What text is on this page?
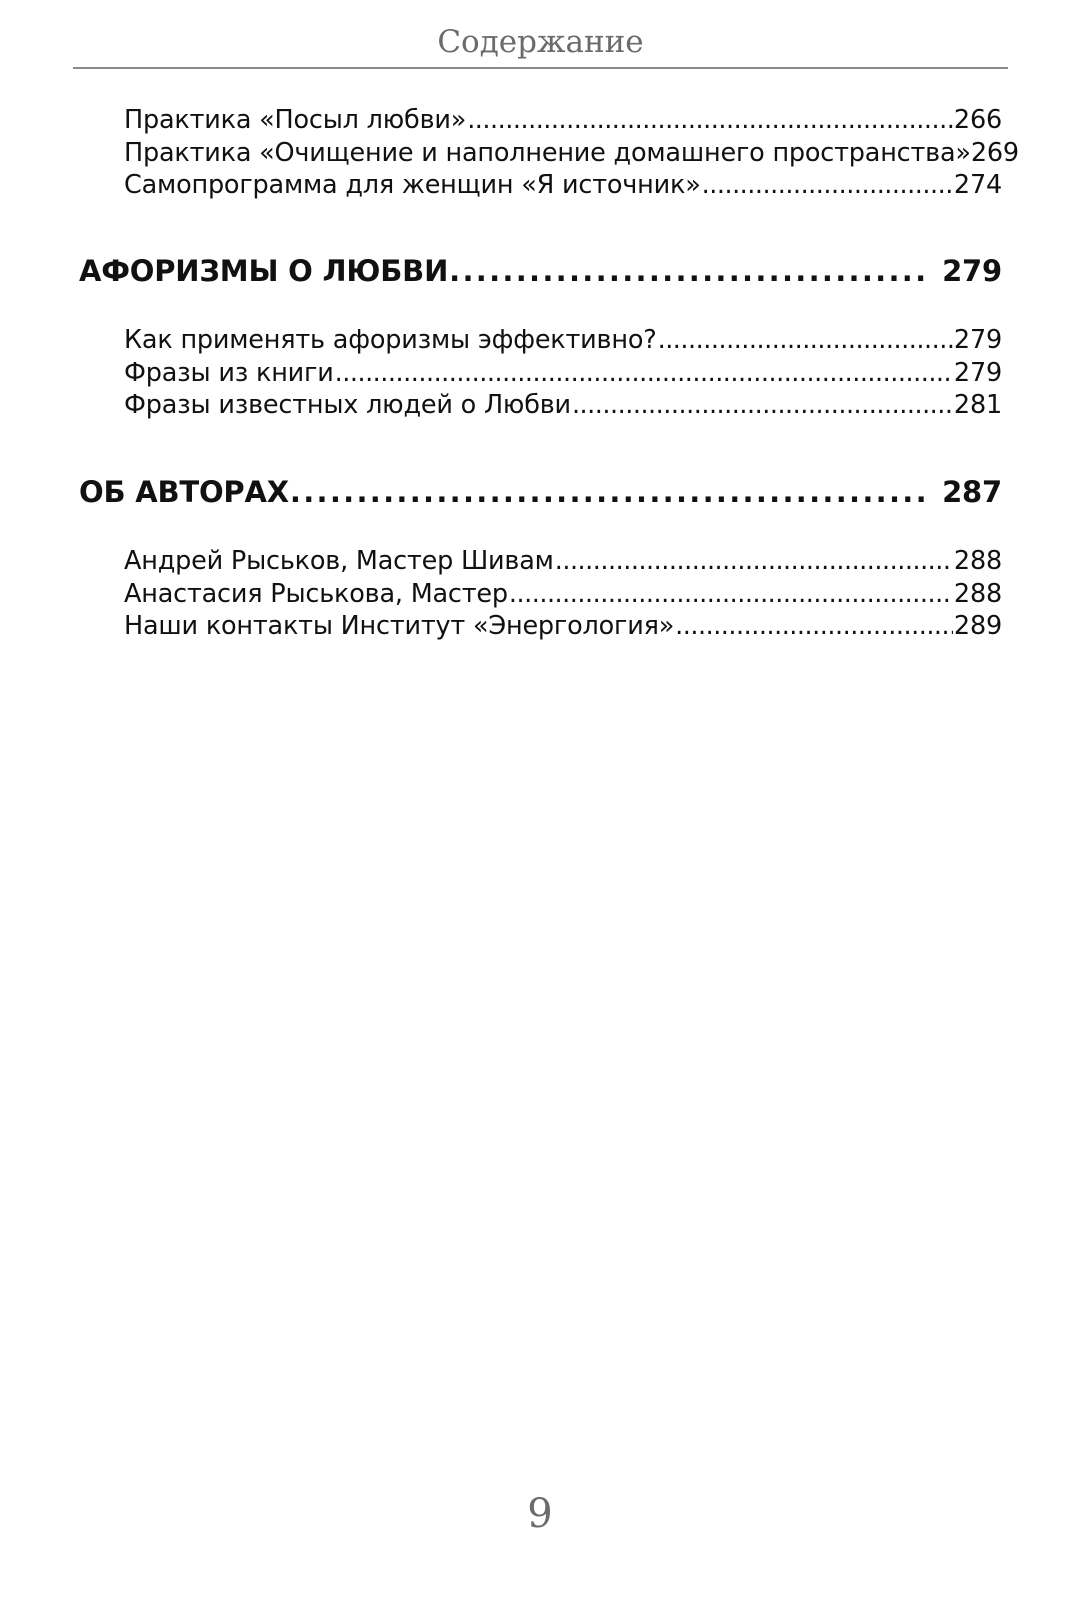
Содержание
Практика «Посыл любви» . . .	266
Практика «Очищение и наполнение домашнего пространства» 269
Самопрограмма для женщин «Я источник» . . .	274
АФОРИЗМЫ О ЛЮБВИ . . .	279
Как применять афоризмы эффективно? . . .	279
Фразы из книги . . .	279
Фразы известных людей о Любви . . .	281
ОБ АВТОРАХ . . .	287
Андрей Рыськов, Мастер Шивам . . .	288
Анастасия Рыськова, Мастер . . .	288
Наши контакты Институт «Энергология» . . .	289
9
